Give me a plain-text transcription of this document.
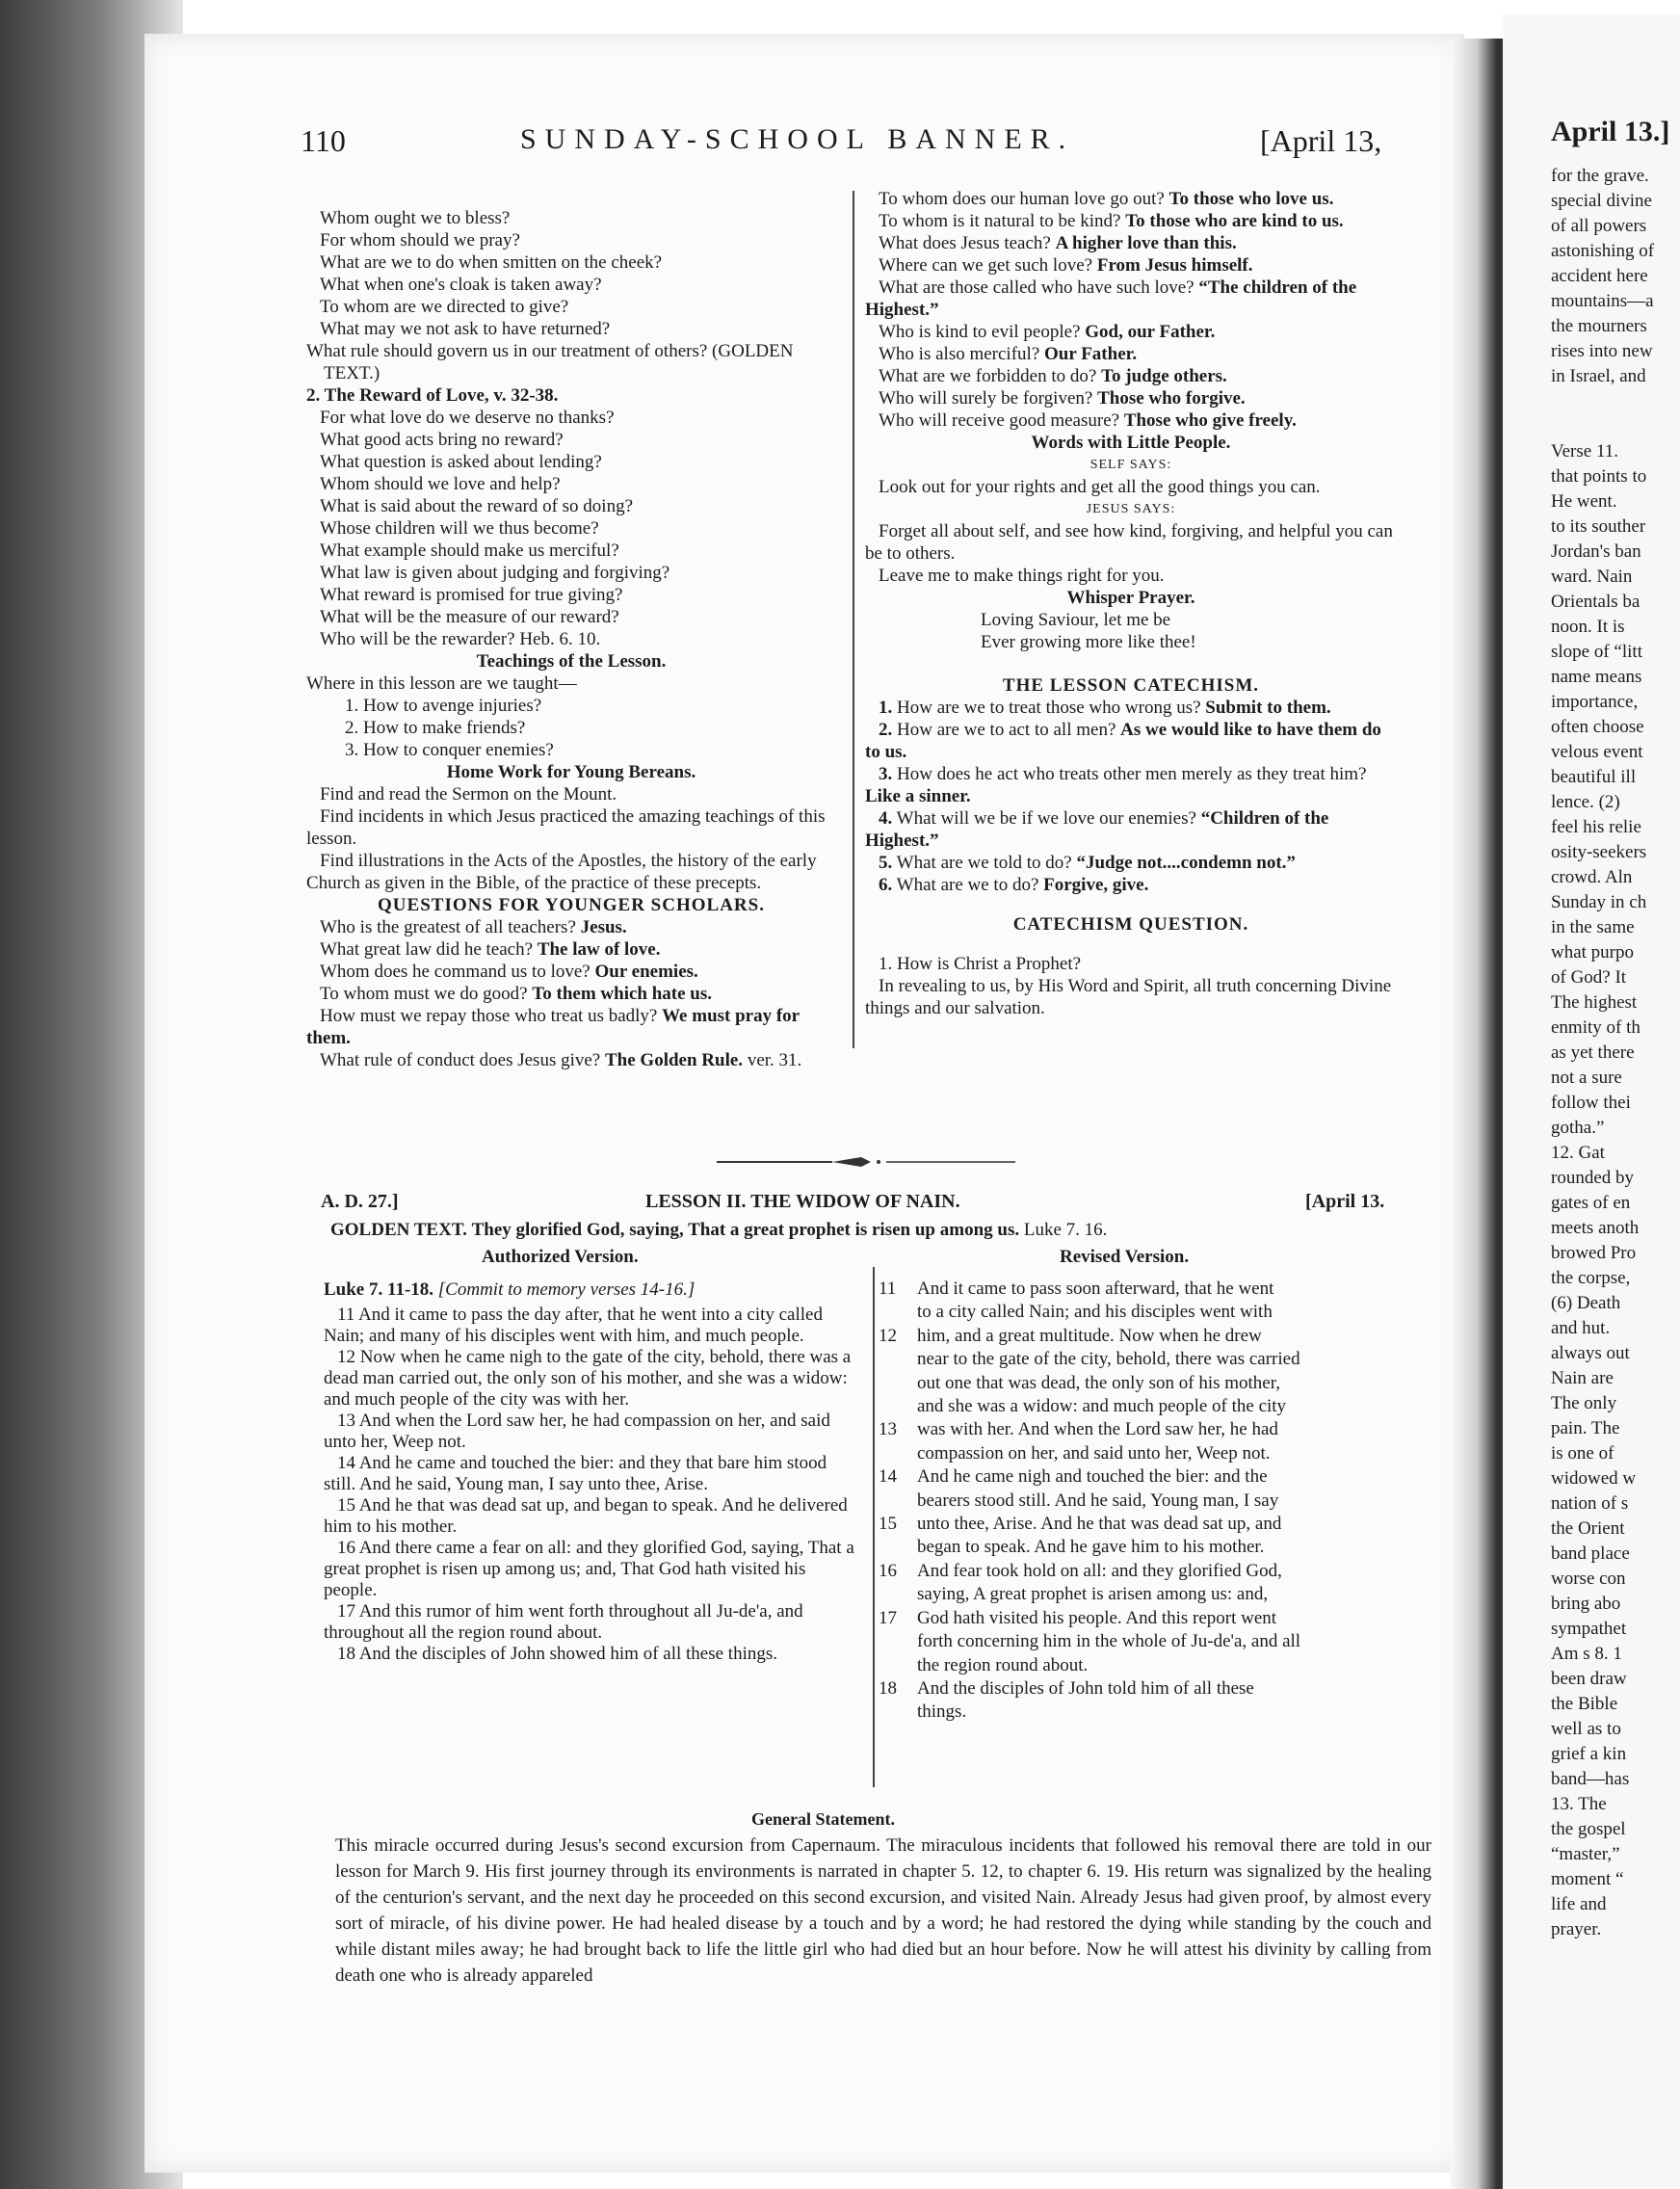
April 13.]
for the grave.
special divine
of all powers
astonishing of
accident here
mountains—a
the mourners
rises into new
in Israel, and

Verse 11.
that points to
He went.
to its souther
Jordan's ban
ward. Nain
Orientals ba
noon. It is
slope of “litt
name means
importance,
often choose
velous event
beautiful ill
lence. (2)
feel his relie
osity-seekers
crowd. Aln
Sunday in ch
in the same
what purpo
of God? It
The highest
enmity of th
as yet there
not a sure
follow thei
gotha.”
12. Gat
rounded by
gates of en
meets anoth
browed Pro
the corpse,
(6) Death
and hut.
always out
Nain are
The only
pain. The
is one of
widowed w
nation of s
the Orient
band place
worse con
bring abo
sympathet
Am s 8. 1
been draw
the Bible
well as to
grief a kin
band—has
13. The
the gospel
“master,”
moment “
life and
prayer.
110	SUNDAY-SCHOOL BANNER.	[April 13,

Whom ought we to bless?

For whom should we pray?

What are we to do when smitten on the cheek?

What when one's cloak is taken away?

To whom are we directed to give?

What may we not ask to have returned?

What rule should govern us in our treatment of others? (GOLDEN TEXT.)

2. The Reward of Love, v. 32-38.

For what love do we deserve no thanks?

What good acts bring no reward?

What question is asked about lending?

Whom should we love and help?

What is said about the reward of so doing?

Whose children will we thus become?

What example should make us merciful?

What law is given about judging and forgiving?

What reward is promised for true giving?

What will be the measure of our reward?

Who will be the rewarder? Heb. 6. 10.

Teachings of the Lesson.

Where in this lesson are we taught—

1. How to avenge injuries?

2. How to make friends?

3. How to conquer enemies?

Home Work for Young Bereans.

Find and read the Sermon on the Mount.

Find incidents in which Jesus practiced the amazing teachings of this lesson.

Find illustrations in the Acts of the Apostles, the history of the early Church as given in the Bible, of the practice of these precepts.

QUESTIONS FOR YOUNGER SCHOLARS.

Who is the greatest of all teachers? Jesus.

What great law did he teach? The law of love.

Whom does he command us to love? Our enemies.

To whom must we do good? To them which hate us.

How must we repay those who treat us badly? We must pray for them.

What rule of conduct does Jesus give? The Golden Rule. ver. 31.

To whom does our human love go out? To those who love us.

To whom is it natural to be kind? To those who are kind to us.

What does Jesus teach? A higher love than this.

Where can we get such love? From Jesus himself.

What are those called who have such love? “The children of the Highest.”

Who is kind to evil people? God, our Father.

Who is also merciful? Our Father.

What are we forbidden to do? To judge others.

Who will surely be forgiven? Those who forgive.

Who will receive good measure? Those who give freely.

Words with Little People.

SELF SAYS:

Look out for your rights and get all the good things you can.

JESUS SAYS:

Forget all about self, and see how kind, forgiving, and helpful you can be to others.

Leave me to make things right for you.

Whisper Prayer.

Loving Saviour, let me be

Ever growing more like thee!

THE LESSON CATECHISM.

1. How are we to treat those who wrong us? Submit to them.

2. How are we to act to all men? As we would like to have them do to us.

3. How does he act who treats other men merely as they treat him? Like a sinner.

4. What will we be if we love our enemies? “Children of the Highest.”

5. What are we told to do? “Judge not....condemn not.”

6. What are we to do? Forgive, give.

CATECHISM QUESTION.

1. How is Christ a Prophet?

In revealing to us, by His Word and Spirit, all truth concerning Divine things and our salvation.

A. D. 27.]	LESSON II. THE WIDOW OF NAIN.	[April 13.
GOLDEN TEXT. They glorified God, saying, That a great prophet is risen up among us. Luke 7. 16.
Authorized Version.	Revised Version.

Luke 7. 11-18. [Commit to memory verses 14-16.]

11 And it came to pass the day after, that he went into a city called Nain; and many of his disciples went with him, and much people.

12 Now when he came nigh to the gate of the city, behold, there was a dead man carried out, the only son of his mother, and she was a widow: and much people of the city was with her.

13 And when the Lord saw her, he had compassion on her, and said unto her, Weep not.

14 And he came and touched the bier: and they that bare him stood still. And he said, Young man, I say unto thee, Arise.

15 And he that was dead sat up, and began to speak. And he delivered him to his mother.

16 And there came a fear on all: and they glorified God, saying, That a great prophet is risen up among us; and, That God hath visited his people.

17 And this rumor of him went forth throughout all Ju-de'a, and throughout all the region round about.

18 And the disciples of John showed him of all these things.

11	And it came to pass soon afterward, that he went
to a city called Nain; and his disciples went with
12	him, and a great multitude. Now when he drew
near to the gate of the city, behold, there was carried
out one that was dead, the only son of his mother,
and she was a widow: and much people of the city
13	was with her. And when the Lord saw her, he had
compassion on her, and said unto her, Weep not.
14	And he came nigh and touched the bier: and the
bearers stood still. And he said, Young man, I say
15	unto thee, Arise. And he that was dead sat up, and
began to speak. And he gave him to his mother.
16	And fear took hold on all: and they glorified God,
saying, A great prophet is arisen among us: and,
17	God hath visited his people. And this report went
forth concerning him in the whole of Ju-de'a, and all
the region round about.
18	And the disciples of John told him of all these
things.
General Statement.
This miracle occurred during Jesus's second excursion from Capernaum. The miraculous incidents that followed his removal there are told in our lesson for March 9. His first journey through its environments is narrated in chapter 5. 12, to chapter 6. 19. His return was signalized by the healing of the centurion's servant, and the next day he proceeded on this second excursion, and visited Nain. Already Jesus had given proof, by almost every sort of miracle, of his divine power. He had healed disease by a touch and by a word; he had restored the dying while standing by the couch and while distant miles away; he had brought back to life the little girl who had died but an hour before. Now he will attest his divinity by calling from death one who is already appareled
